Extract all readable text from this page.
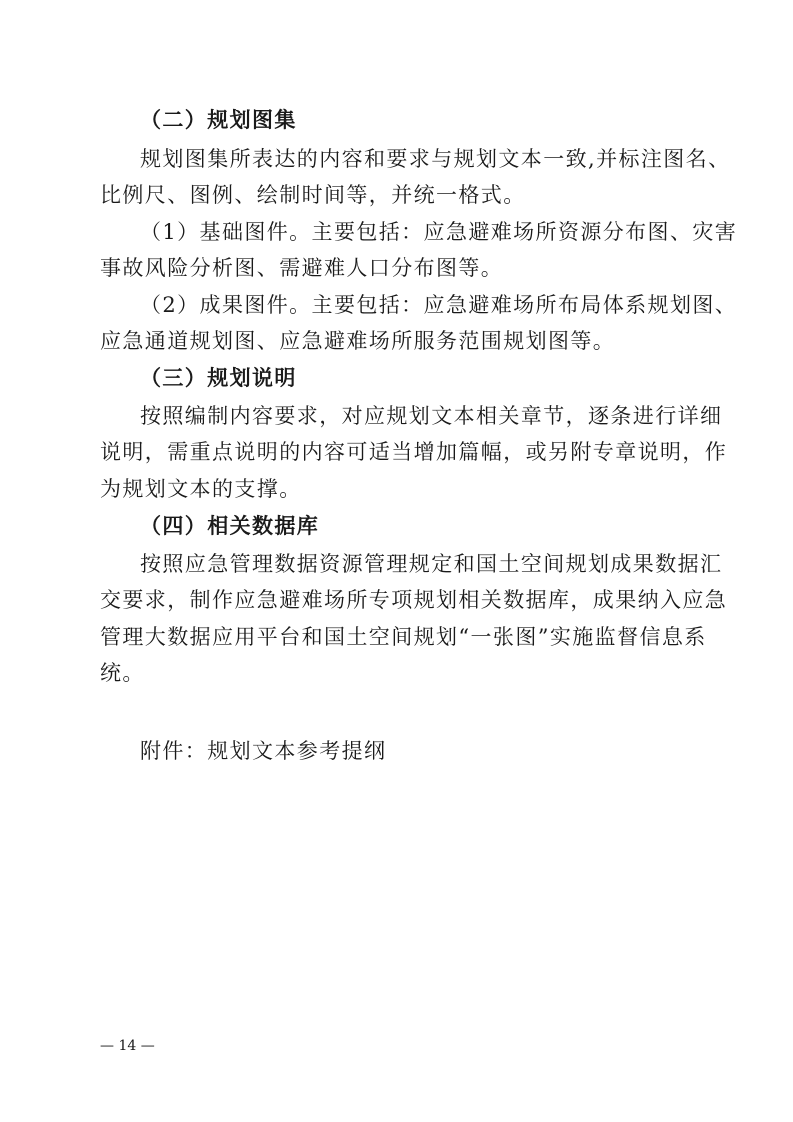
（二）规划图集
规划图集所表达的内容和要求与规划文本一致,并标注图名、
比例尺、图例、绘制时间等，并统一格式。
（1）基础图件。主要包括：应急避难场所资源分布图、灾害
事故风险分析图、需避难人口分布图等。
（2）成果图件。主要包括：应急避难场所布局体系规划图、
应急通道规划图、应急避难场所服务范围规划图等。
（三）规划说明
按照编制内容要求，对应规划文本相关章节，逐条进行详细
说明，需重点说明的内容可适当增加篇幅，或另附专章说明，作
为规划文本的支撑。
（四）相关数据库
按照应急管理数据资源管理规定和国土空间规划成果数据汇
交要求，制作应急避难场所专项规划相关数据库，成果纳入应急
管理大数据应用平台和国土空间规划“一张图”实施监督信息系
统。
附件：规划文本参考提纲
— 14 —
